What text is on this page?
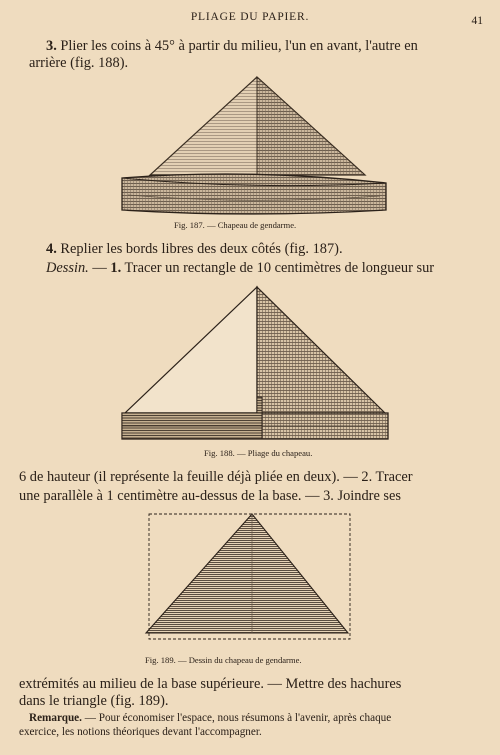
PLIAGE DU PAPIER.	41
3. Plier les coins à 45° à partir du milieu, l'un en avant, l'autre en
arrière (fig. 188).
Fig. 187. — Chapeau de gendarme.
4. Replier les bords libres des deux côtés (fig. 187).
Dessin. — 1. Tracer un rectangle de 10 centimètres de longueur sur
Fig. 188. — Pliage du chapeau.
6 de hauteur (il représente la feuille déjà pliée en deux). — 2. Tracer
une parallèle à 1 centimètre au-dessus de la base. — 3. Joindre ses
Fig. 189. — Dessin du chapeau de gendarme.
extrémités au milieu de la base supérieure. — Mettre des hachures
dans le triangle (fig. 189).
Remarque. — Pour économiser l'espace, nous résumons à l'avenir, après chaque
exercice, les notions théoriques devant l'accompagner.
